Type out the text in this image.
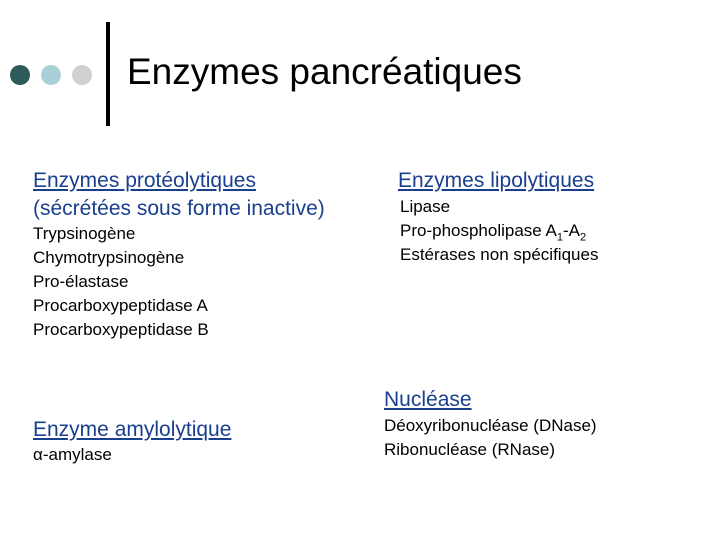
Enzymes pancréatiques
Enzymes protéolytiques
(sécrétées sous forme inactive)
Trypsinogène
Chymotrypsinogène
Pro-élastase
Procarboxypeptidase A
Procarboxypeptidase B
Enzymes lipolytiques
Lipase
Pro-phospholipase $A_1-A_2$
Estérases non spécifiques
Nucléase
Déoxyribonucléase (DNase)
Ribonucléase (RNase)
Enzyme amylolytique
α-amylase
